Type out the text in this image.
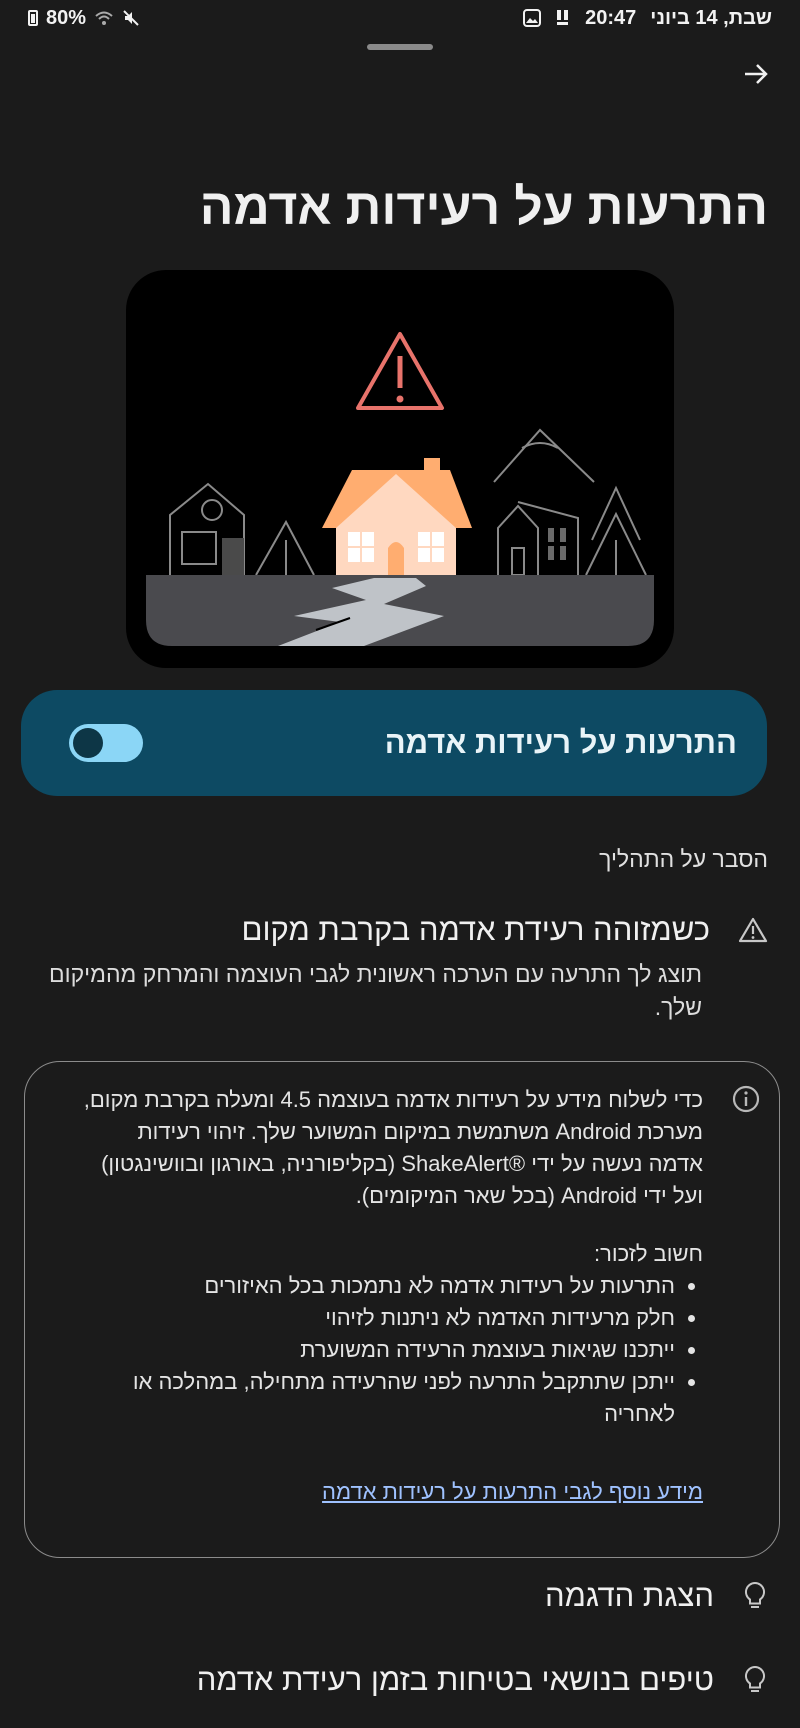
80%	שבת, 14 ביוני
20:47
התרעות על רעידות אדמה
התרעות על רעידות אדמה
הסבר על התהליך
כשמזוהה רעידת אדמה בקרבת מקום

תוצג לך התרעה עם הערכה ראשונית לגבי העוצמה והמרחק מהמיקום שלך.

כדי לשלוח מידע על רעידות אדמה בעוצמה 4.5 ומעלה בקרבת מקום, מערכת Android משתמשת במיקום המשוער שלך. זיהוי רעידות אדמה נעשה על ידי ®ShakeAlert (בקליפורניה, באורגון ובוושינגטון) ועל ידי Android (בכל שאר המיקומים).

חשוב לזכור:

• התרעות על רעידות אדמה לא נתמכות בכל האיזורים
• חלק מרעידות האדמה לא ניתנות לזיהוי
• ייתכנו שגיאות בעוצמת הרעידה המשוערת
• ייתכן שתתקבל התרעה לפני שהרעידה מתחילה, במהלכה או לאחריה
מידע נוסף לגבי התרעות על רעידות אדמה
הצגת הדגמה
טיפים בנושאי בטיחות בזמן רעידת אדמה
